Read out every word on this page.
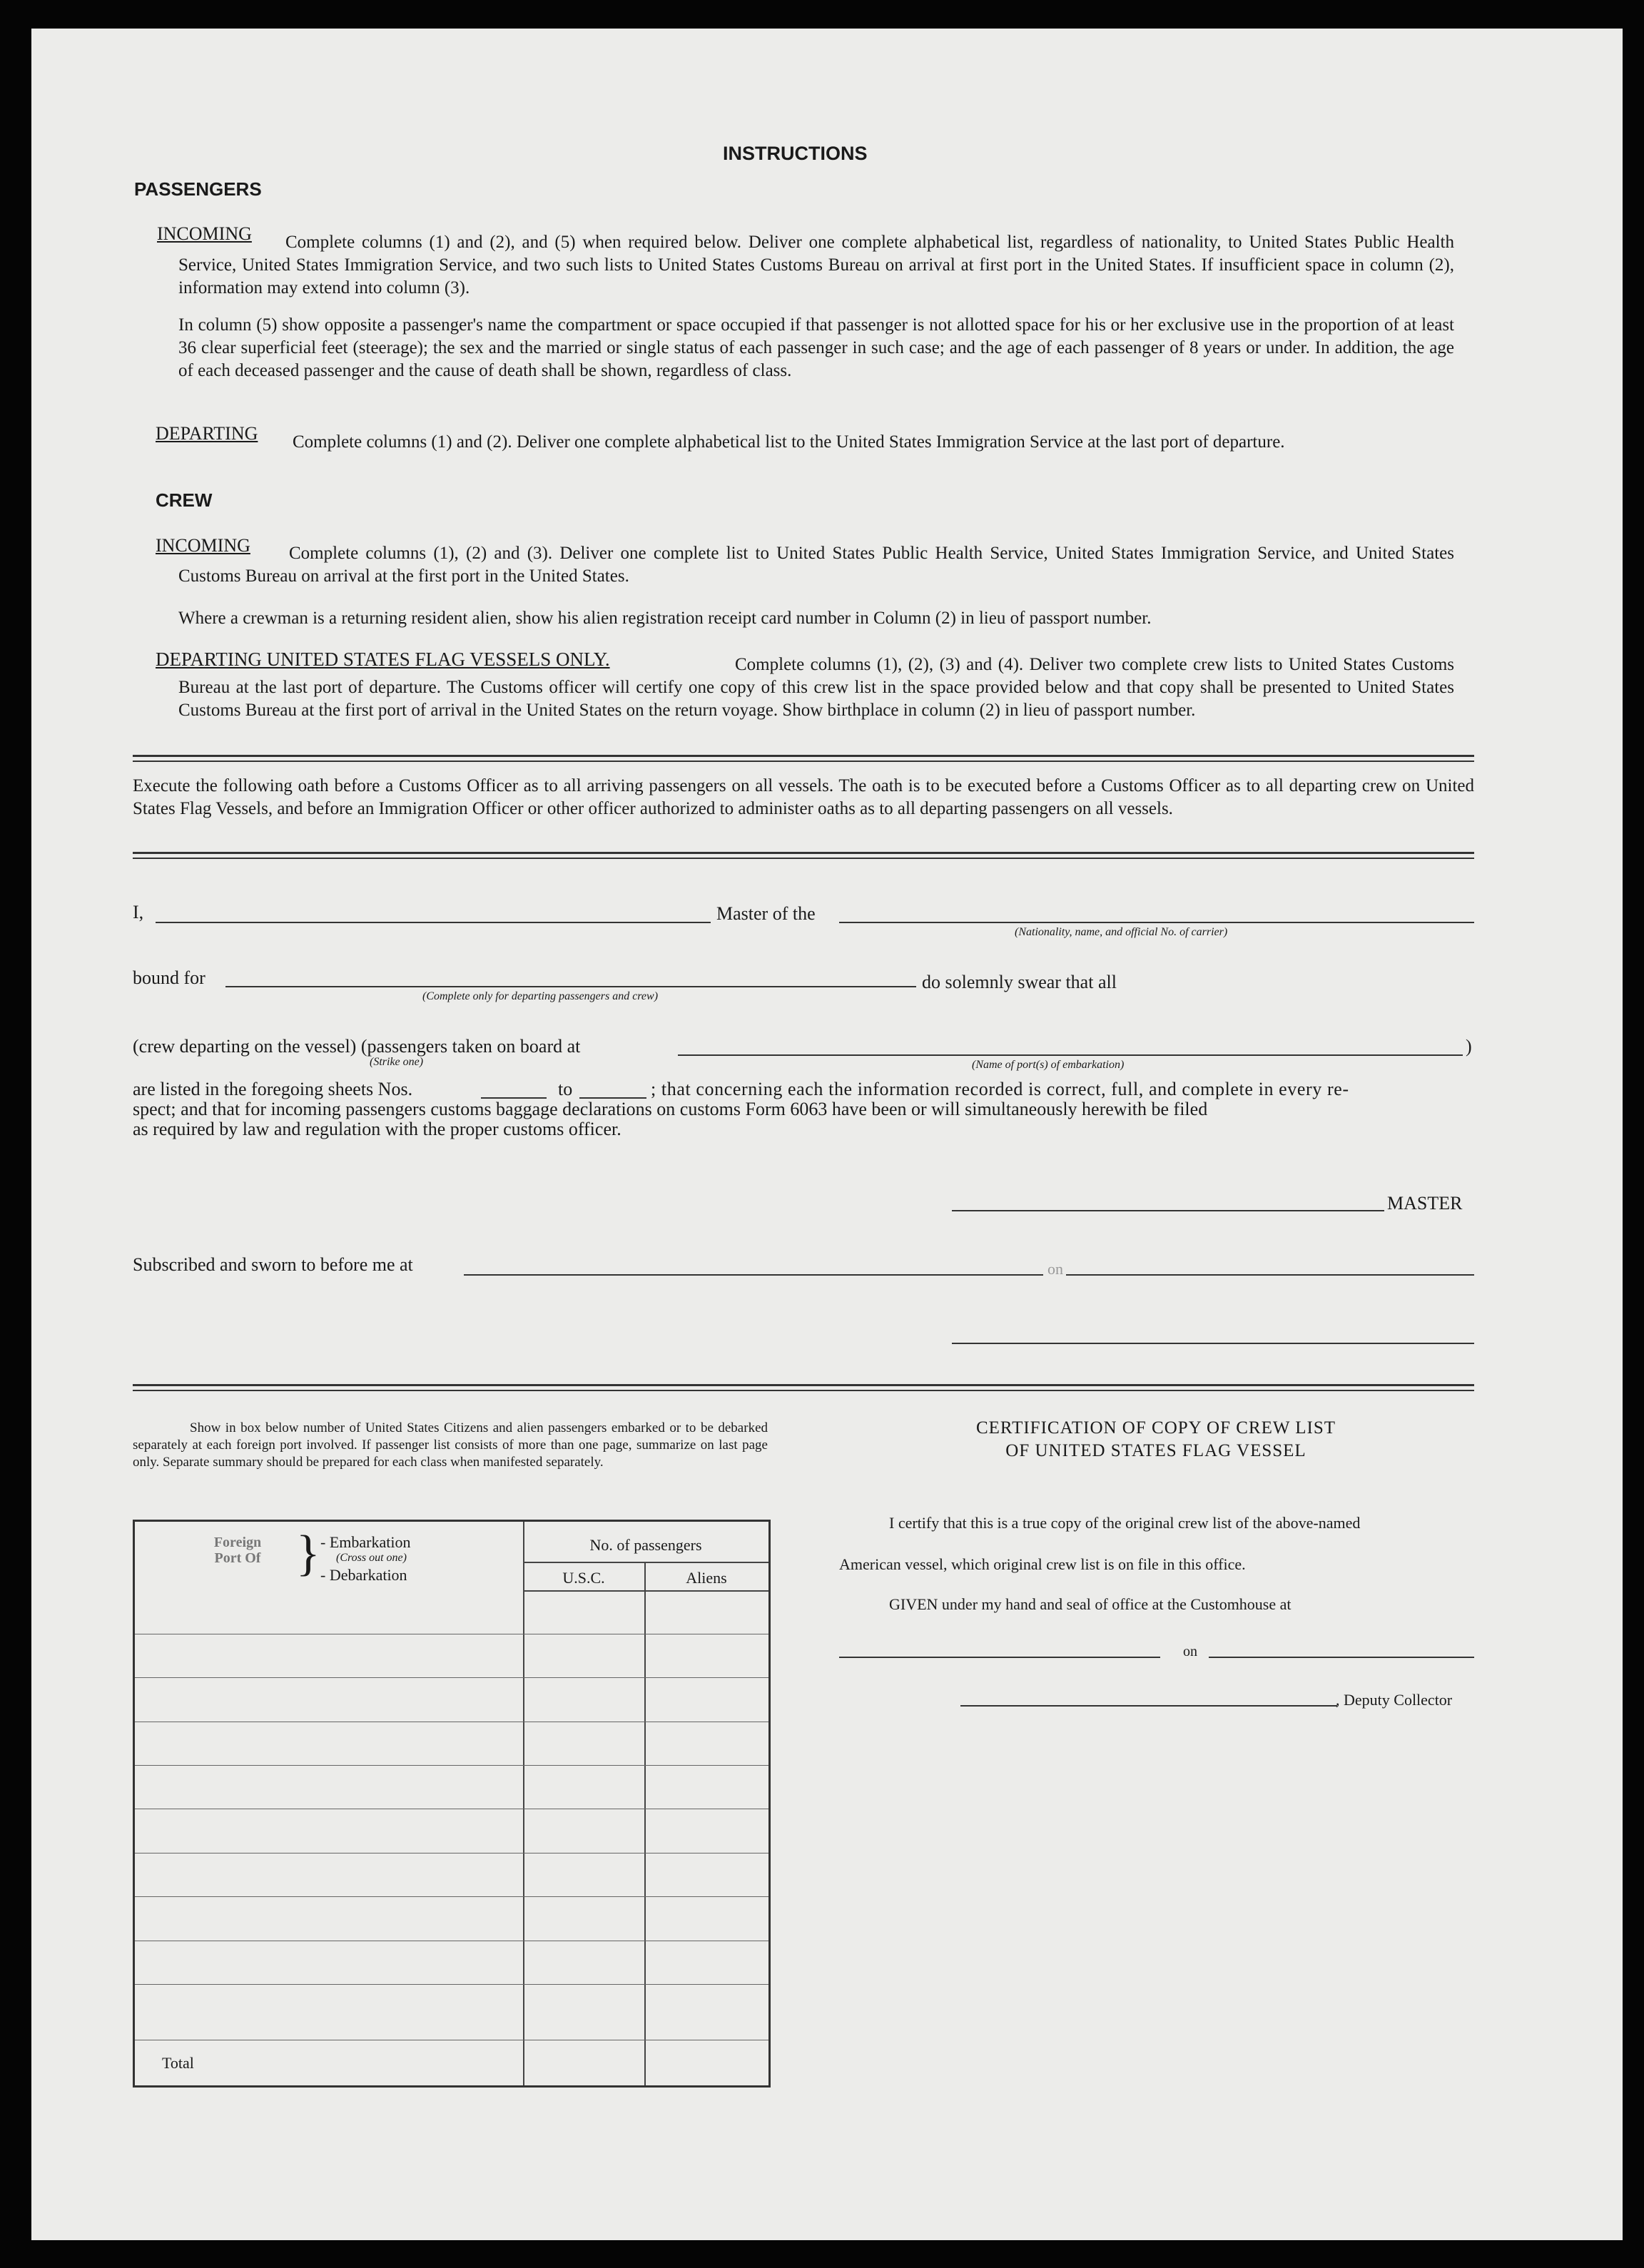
INSTRUCTIONS
PASSENGERS
INCOMING	Complete columns (1) and (2), and (5) when required below. Deliver one complete alphabetical list, regardless of nationality, to United States Public Health Service, United States Immigration Service, and two such lists to United States Customs Bureau on arrival at first port in the United States. If insufficient space in column (2), information may extend into column (3).
In column (5) show opposite a passenger's name the compartment or space occupied if that passenger is not allotted space for his or her exclusive use in the proportion of at least 36 clear superficial feet (steerage); the sex and the married or single status of each passenger in such case; and the age of each passenger of 8 years or under. In addition, the age of each deceased passenger and the cause of death shall be shown, regardless of class.
DEPARTING	Complete columns (1) and (2). Deliver one complete alphabetical list to the United States Immigration Service at the last port of departure.
CREW
INCOMING	Complete columns (1), (2) and (3). Deliver one complete list to United States Public Health Service, United States Immigration Service, and United States Customs Bureau on arrival at the first port in the United States.
Where a crewman is a returning resident alien, show his alien registration receipt card number in Column (2) in lieu of passport number.
DEPARTING UNITED STATES FLAG VESSELS ONLY.	Complete columns (1), (2), (3) and (4). Deliver two complete crew lists to United States Customs Bureau at the last port of departure. The Customs officer will certify one copy of this crew list in the space provided below and that copy shall be presented to United States Customs Bureau at the first port of arrival in the United States on the return voyage. Show birthplace in column (2) in lieu of passport number.
Execute the following oath before a Customs Officer as to all arriving passengers on all vessels. The oath is to be executed before a Customs Officer as to all departing crew on United States Flag Vessels, and before an Immigration Officer or other officer authorized to administer oaths as to all departing passengers on all vessels.
I,	Master of the
(Nationality, name, and official No. of carrier)
bound for
(Complete only for departing passengers and crew)
do solemnly swear that all
(crew departing on the vessel) (passengers taken on board at
(Strike one)	(Name of port(s) of embarkation)
)
are listed in the foregoing sheets Nos.	to	; that concerning each the information recorded is correct, full, and complete in every re-
spect; and that for incoming passengers customs baggage declarations on customs Form 6063 have been or will simultaneously herewith be filed
as required by law and regulation with the proper customs officer.
MASTER
Subscribed and sworn to before me at	on
Show in box below number of United States Citizens and alien passengers embarked or to be debarked separately at each foreign port involved. If passenger list consists of more than one page, summarize on last page only. Separate summary should be prepared for each class when manifested separately.
Foreign Port Of } - Embarkation
(Cross out one)
- Debarkation
No. of passengers
U.S.C.	Aliens
Total
CERTIFICATION OF COPY OF CREW LIST
OF UNITED STATES FLAG VESSEL
I certify that this is a true copy of the original crew list of the above-named
American vessel, which original crew list is on file in this office.
GIVEN under my hand and seal of office at the Customhouse at
on
, Deputy Collector
